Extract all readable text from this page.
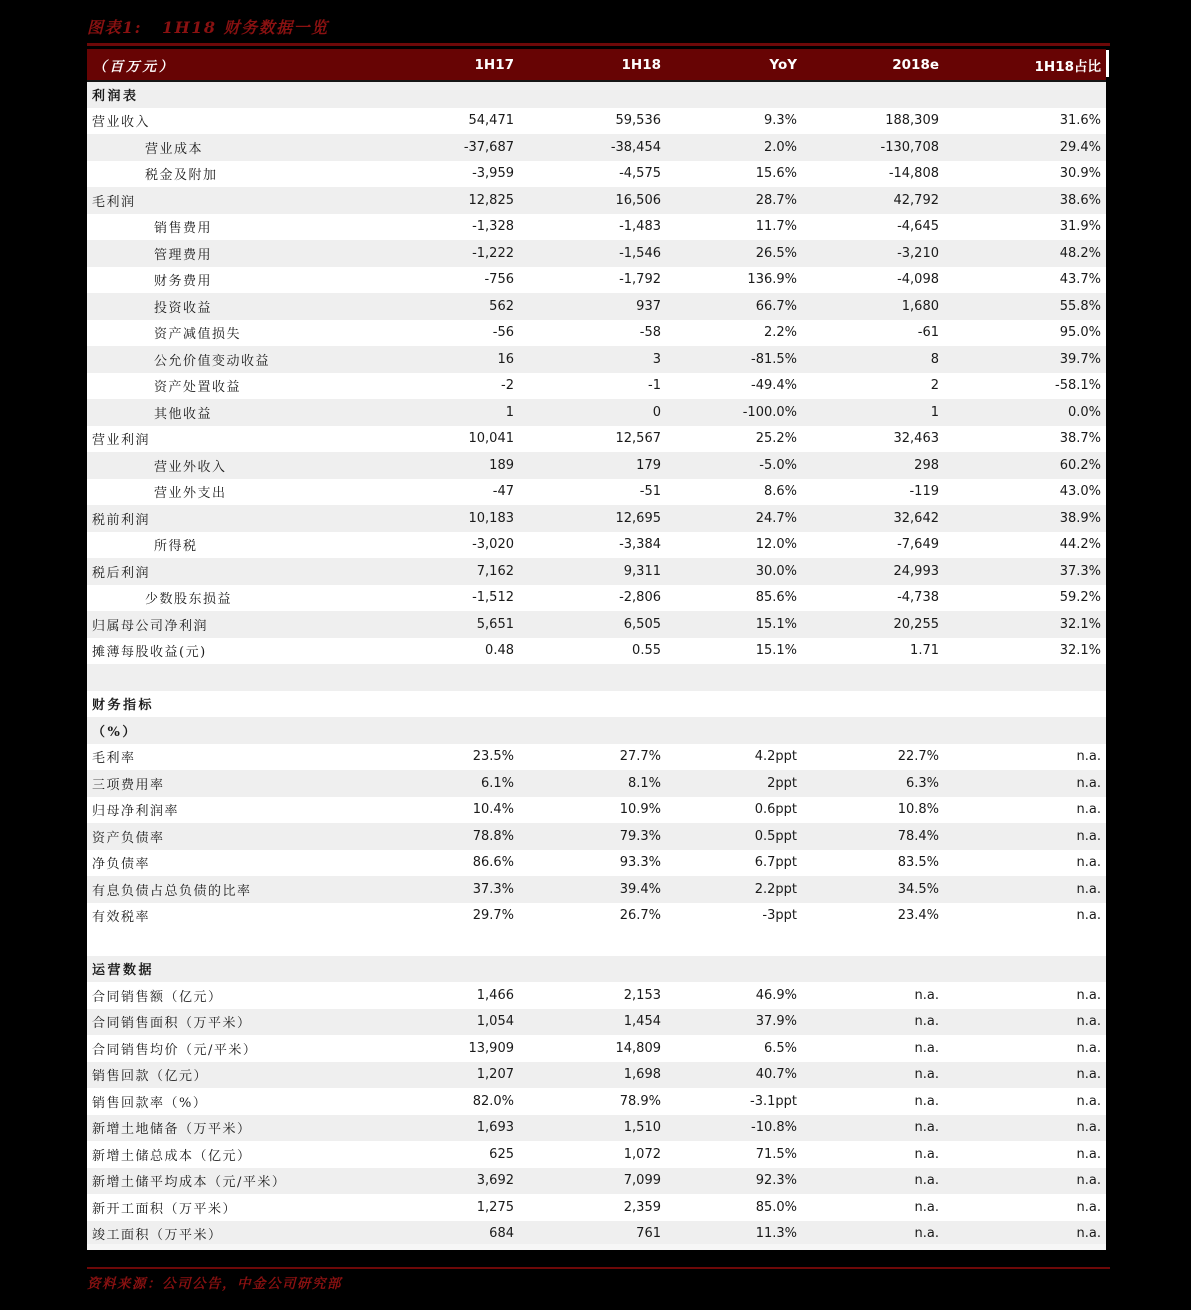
图表1: 1H18 财务数据一览
（百万元）	1H17	1H18	YoY	2018e	1H18占比
利润表					
营业收入	54,471	59,536	9.3%	188,309	31.6%
营业成本	-37,687	-38,454	2.0%	-130,708	29.4%
税金及附加	-3,959	-4,575	15.6%	-14,808	30.9%
毛利润	12,825	16,506	28.7%	42,792	38.6%
销售费用	-1,328	-1,483	11.7%	-4,645	31.9%
管理费用	-1,222	-1,546	26.5%	-3,210	48.2%
财务费用	-756	-1,792	136.9%	-4,098	43.7%
投资收益	562	937	66.7%	1,680	55.8%
资产减值损失	-56	-58	2.2%	-61	95.0%
公允价值变动收益	16	3	-81.5%	8	39.7%
资产处置收益	-2	-1	-49.4%	2	-58.1%
其他收益	1	0	-100.0%	1	0.0%
营业利润	10,041	12,567	25.2%	32,463	38.7%
营业外收入	189	179	-5.0%	298	60.2%
营业外支出	-47	-51	8.6%	-119	43.0%
税前利润	10,183	12,695	24.7%	32,642	38.9%
所得税	-3,020	-3,384	12.0%	-7,649	44.2%
税后利润	7,162	9,311	30.0%	24,993	37.3%
少数股东损益	-1,512	-2,806	85.6%	-4,738	59.2%
归属母公司净利润	5,651	6,505	15.1%	20,255	32.1%
摊薄每股收益(元)	0.48	0.55	15.1%	1.71	32.1%

财务指标					
（%）					
毛利率	23.5%	27.7%	4.2ppt	22.7%	n.a.
三项费用率	6.1%	8.1%	2ppt	6.3%	n.a.
归母净利润率	10.4%	10.9%	0.6ppt	10.8%	n.a.
资产负债率	78.8%	79.3%	0.5ppt	78.4%	n.a.
净负债率	86.6%	93.3%	6.7ppt	83.5%	n.a.
有息负债占总负债的比率	37.3%	39.4%	2.2ppt	34.5%	n.a.
有效税率	29.7%	26.7%	-3ppt	23.4%	n.a.

运营数据					
合同销售额（亿元）	1,466	2,153	46.9%	n.a.	n.a.
合同销售面积（万平米）	1,054	1,454	37.9%	n.a.	n.a.
合同销售均价（元/平米）	13,909	14,809	6.5%	n.a.	n.a.
销售回款（亿元）	1,207	1,698	40.7%	n.a.	n.a.
销售回款率（%）	82.0%	78.9%	-3.1ppt	n.a.	n.a.
新增土地储备（万平米）	1,693	1,510	-10.8%	n.a.	n.a.
新增土储总成本（亿元）	625	1,072	71.5%	n.a.	n.a.
新增土储平均成本（元/平米）	3,692	7,099	92.3%	n.a.	n.a.
新开工面积（万平米）	1,275	2,359	85.0%	n.a.	n.a.
竣工面积（万平米）	684	761	11.3%	n.a.	n.a.
资料来源：公司公告，中金公司研究部
